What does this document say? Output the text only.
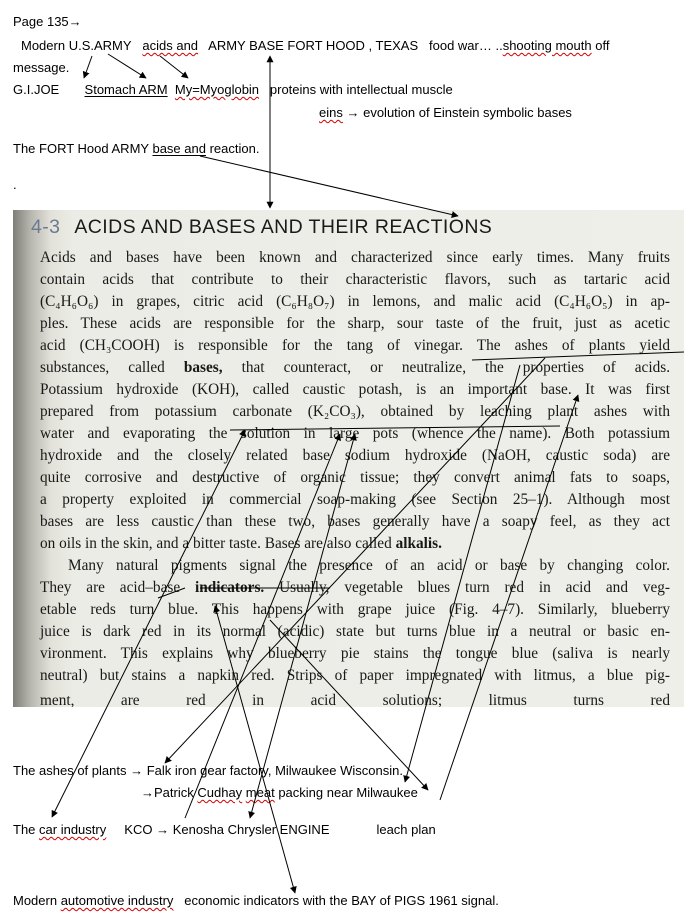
Page 135→
Modern U.S.ARMY acids and ARMY BASE FORT HOOD , TEXAS food war… ..shooting mouth off
message.
G.I.JOE Stomach ARM My=Myoglobin proteins with intellectual muscle
eins → evolution of Einstein symbolic bases
The FORT Hood ARMY base and reaction.
.
4-3 ACIDS AND BASES AND THEIR REACTIONS
Acids and bases have been known and characterized since early times. Many fruits
contain acids that contribute to their characteristic flavors, such as tartaric acid
(C₄H₆O₆) in grapes, citric acid (C₆H₈O₇) in lemons, and malic acid (C₄H₆O₅) in ap-
ples. These acids are responsible for the sharp, sour taste of the fruit, just as acetic
acid (CH₃COOH) is responsible for the tang of vinegar. The ashes of plants yield
substances, called bases, that counteract, or neutralize, the properties of acids.
Potassium hydroxide (KOH), called caustic potash, is an important base. It was first
prepared from potassium carbonate (K₂CO₃), obtained by leaching plant ashes with
water and evaporating the solution in large pots (whence the name). Both potassium
hydroxide and the closely related base sodium hydroxide (NaOH, caustic soda) are
quite corrosive and destructive of organic tissue; they convert animal fats to soaps,
a property exploited in commercial soap-making (see Section 25–1). Although most
bases are less caustic than these two, bases generally have a soapy feel, as they act
on oils in the skin, and a bitter taste. Bases are also called alkalis.
Many natural pigments signal the presence of an acid or base by changing color.
They are acid–base indicators. Usually, vegetable blues turn red in acid and veg-
etable reds turn blue. This happens with grape juice (Fig. 4–7). Similarly, blueberry
juice is dark red in its normal (acidic) state but turns blue in a neutral or basic en-
vironment. This explains why blueberry pie stains the tongue blue (saliva is nearly
neutral) but stains a napkin red. Strips of paper impregnated with litmus, a blue pig-
ment, are red in acid solutions; litmus turns red
The ashes of plants → Falk iron gear factory, Milwaukee Wisconsin.
→Patrick Cudhay meat packing near Milwaukee
The car industry KCO → Kenosha Chrysler ENGINE	leach plan
Modern automotive industry economic indicators with the BAY of PIGS 1961 signal.
